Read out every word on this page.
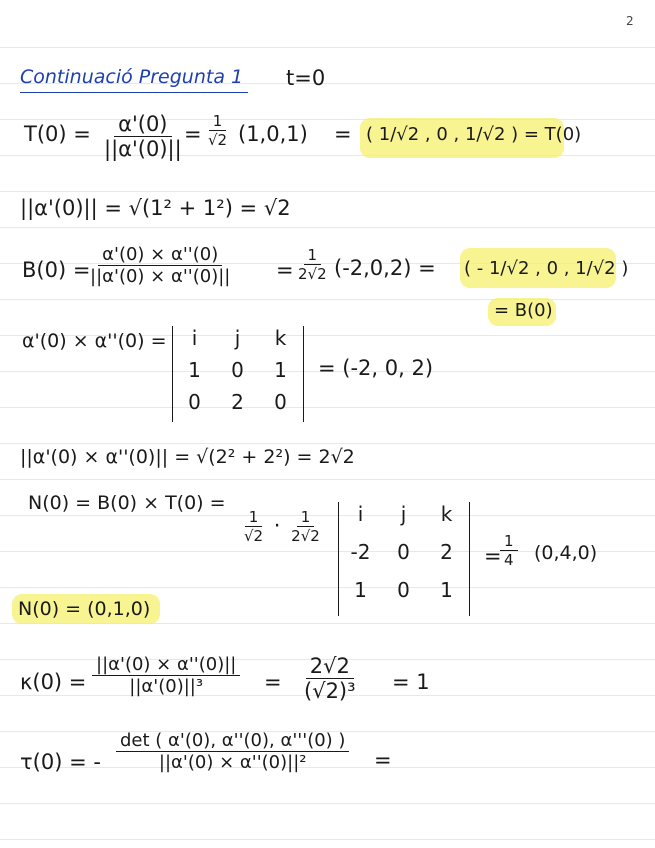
2
Continuació Pregunta 1 t=0
$T(0) = \frac{\alpha'(0)}{||\alpha'(0)||}$
= $\frac{1}{√2} (1,0,1)$ = ( 1/√2 , 0 , 1/√2 ) = T(0)
||α'(0)|| = √(1² + 1²) = √2
B(0) =
$\frac{\alpha'(0) \times \alpha''(0)}{||\alpha'(0) \times \alpha''(0)||} = \frac{1}{2√2} (-2,0,2)$ = ( - 1/√2 , 0 , 1/√2 )
= B(0)
α'(0) × α''(0) =	i	j	k
1	0	1
0	2	0
= (-2, 0, 2)
||α'(0) × α''(0)|| = √(2² + 2²) = 2√2
N(0) = B(0) × T(0) =
$\frac{1}{√2} \cdot \frac{1}{2√2}$	i	j	k
-2	0	2
1	0	1
=
$\frac{1}{4} (0,4,0)$
N(0) = (0,1,0)
$\kappa(0) = \frac{||\alpha'(0) \times \alpha''(0)||}{\text{||α'(0)||³}} = \frac{2√2}{\text{(√2)³}} = 1$
τ(0) = - $\frac{\det ( \alpha'(0), \alpha''(0), \alpha'''(0) )}{\text{||α'(0) × α''(0)||²}}$ =
